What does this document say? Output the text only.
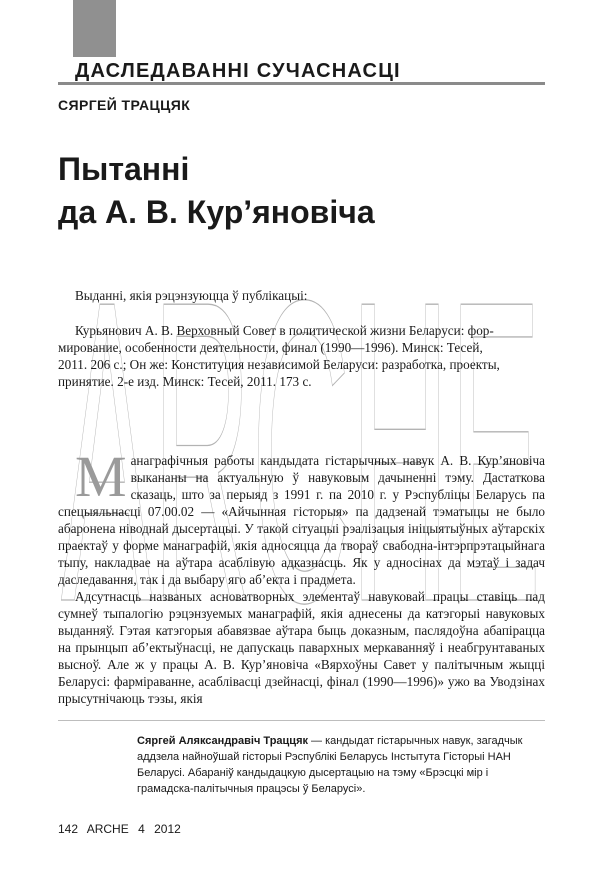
ДАСЛЕДАВАННІ СУЧАСНАСЦІ
СЯРГЕЙ ТРАЦЦЯК
Пытанні
да А. В. Кур’яновіча
ARCHE
Выданні, якія рэцэнзуюцца ў публікацыі:
Курьянович А. В. Верховный Совет в политической жизни Беларуси: фор-
мирование, особенности деятельности, финал (1990—1996). Минск: Тесей,
2011. 206 с.; Он же: Конституция независимой Беларуси: разработка, проекты,
принятие. 2-е изд. Минск: Тесей, 2011. 173 с.

Манаграфічныя работы кандыдата гістарычных навук А. В. Кур’яновіча выкананы на актуальную ў навуковым дачыненні тэму. Дастаткова сказаць, што за перыяд з 1991 г. па 2010 г. у Рэспубліцы Беларусь па спецыяльнасці 07.00.02 — «Айчынная гісторыя» па дадзенай тэматыцы не было абаронена ніводнай дысертацыі. У такой сітуацыі рэалізацыя ініцыятыўных аўтарскіх праектаў у форме манаграфій, якія адносяцца да твораў свабодна-інтэрпрэтацыйнага тыпу, накладвае на аўтара асаблівую адказнасць. Як у адносінах да мэтаў і задач даследавання, так і да выбару яго аб’екта і прадмета.

Адсутнасць названых асноватворных элементаў навуковай працы ставіць пад сумнеў тыпалогію рэцэнзуемых манаграфій, якія аднесены да катэгорыі навуковых выданняў. Гэтая катэгорыя абавязвае аўтара быць доказным, паслядоўна абапірацца на прынцып аб’ектыўнасці, не дапускаць павархных меркаванняў і неабгрунтаваных высноў. Але ж у працы А. В. Кур’яновіча «Вярхоўны Савет у палітычным жыцці Беларусі: фарміраванне, асаблівасці дзейнасці, фінал (1990—1996)» ужо ва Уводзінах прысутнічаюць тэзы, якія

Сяргей Аляксандравіч Траццяк — кандыдат гістарычных навук, загадчык аддзела найноўшай гісторыі Рэспублікі Беларусь Інстытута Гісторыі НАН Беларусі. Абараніў кандыдацкую дысертацыю на тэму «Брэсцкі мір і грамадска-палітычныя працэсы ў Беларусі».
142 ARCHE 4 2012
